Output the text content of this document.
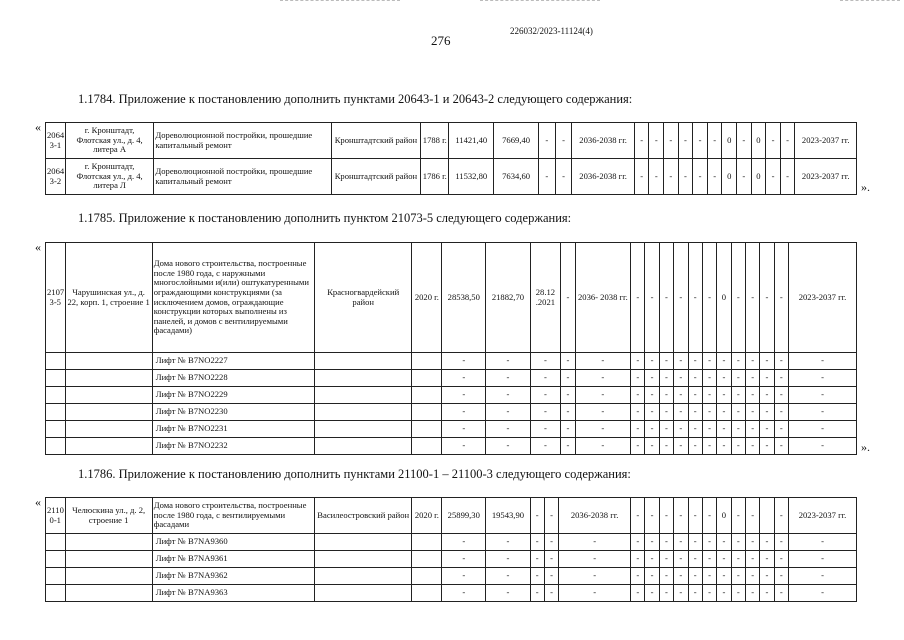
226032/2023-11124(4)
276
1.1784. Приложение к постановлению дополнить пунктами 20643-1 и 20643-2 следующего содержания:
«
».
2064 3-1	г. Кронштадт, Флотская ул., д. 4, литера А	Дореволюционной постройки, прошедшие капитальный ремонт	Кронштадтский район	1788 г.	11421,40	7669,40	-	-	2036-2038 гг.	-	-	-	-	-	-	0	-	0	-	-	2023-2037 гг.
2064 3-2	г. Кронштадт, Флотская ул., д. 4, литера Л	Дореволюционной постройки, прошедшие капитальный ремонт	Кронштадтский район	1786 г.	11532,80	7634,60	-	-	2036-2038 гг.	-	-	-	-	-	-	0	-	0	-	-	2023-2037 гг.
1.1785. Приложение к постановлению дополнить пунктом 21073-5 следующего содержания:
«
».
2107 3-5	Чарушинская ул., д. 22, корп. 1, строение 1	Дома нового строительства, построенные после 1980 года, с наружными многослойными и(или) оштукатуренными ограждающими конструкциями (за исключением домов, ограждающие конструкции которых выполнены из панелей, и домов с вентилируемыми фасадами)	Красногвардейский район	2020 г.	28538,50	21882,70	28.12 .2021	-	2036- 2038 гг.	-	-	-	-	-	-	0	-	-	-	-	2023-2037 гг.
		Лифт № B7NO2227			-	-	-	-	-	-	-	-	-	-	-	-	-	-	-	-	-
		Лифт № B7NO2228			-	-	-	-	-	-	-	-	-	-	-	-	-	-	-	-	-
		Лифт № B7NO2229			-	-	-	-	-	-	-	-	-	-	-	-	-	-	-	-	-
		Лифт № B7NO2230			-	-	-	-	-	-	-	-	-	-	-	-	-	-	-	-	-
		Лифт № B7NO2231			-	-	-	-	-	-	-	-	-	-	-	-	-	-	-	-	-
		Лифт № B7NO2232			-	-	-	-	-	-	-	-	-	-	-	-	-	-	-	-	-
1.1786. Приложение к постановлению дополнить пунктами 21100-1 – 21100-3 следующего содержания:
«
2110 0-1	Челюскина ул., д. 2, строение 1	Дома нового строительства, построенные после 1980 года, с вентилируемыми фасадами	Василеостровский район	2020 г.	25899,30	19543,90	-	-	2036-2038 гг.	-	-	-	-	-	-	0	-	-		-	2023-2037 гг.
		Лифт № B7NA9360			-	-	-	-	-	-	-	-	-	-	-	-	-	-	-	-	-
		Лифт № B7NA9361			-	-	-	-	-	-	-	-	-	-	-	-	-	-	-	-	-
		Лифт № B7NA9362			-	-	-	-	-	-	-	-	-	-	-	-	-	-	-	-	-
		Лифт № B7NA9363			-	-	-	-	-	-	-	-	-	-	-	-	-	-	-	-	-
